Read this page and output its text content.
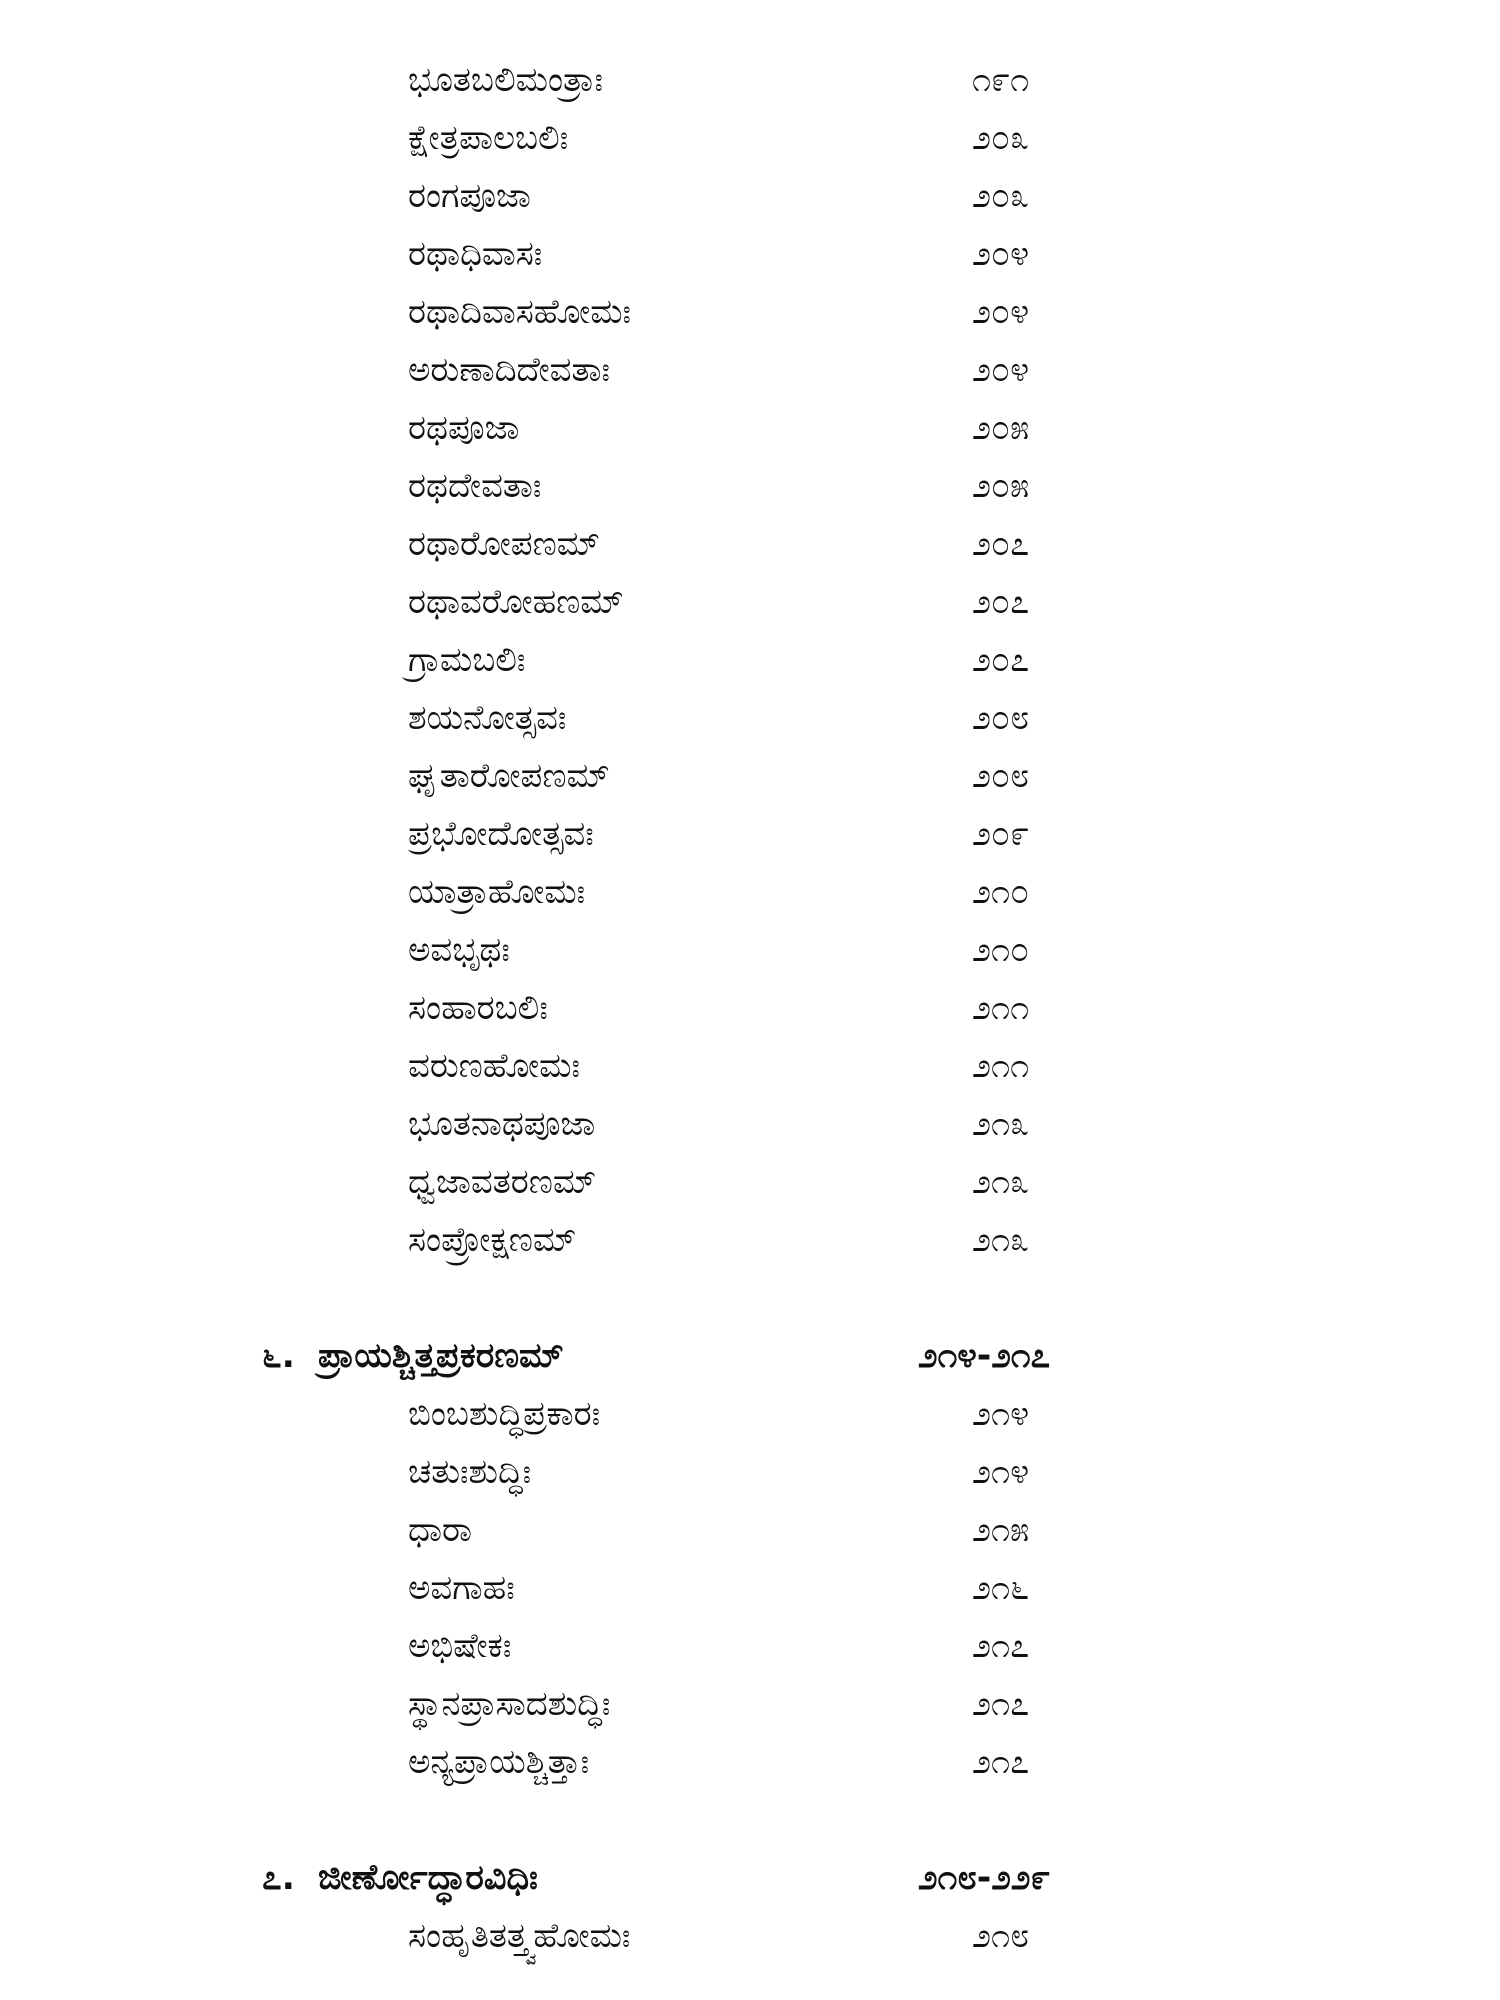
ಭೂತಬಲಿಮಂತ್ರಾಃ	೧೯೧
ಕ್ಷೇತ್ರಪಾಲಬಲಿಃ	೨೦೩
ರಂಗಪೂಜಾ	೨೦೩
ರಥಾಧಿವಾಸಃ	೨೦೪
ರಥಾದಿವಾಸಹೋಮಃ	೨೦೪
ಅರುಣಾದಿದೇವತಾಃ	೨೦೪
ರಥಪೂಜಾ	೨೦೫
ರಥದೇವತಾಃ	೨೦೫
ರಥಾರೋಪಣಮ್	೨೦೭
ರಥಾವರೋಹಣಮ್	೨೦೭
ಗ್ರಾಮಬಲಿಃ	೨೦೭
ಶಯನೋತ್ಸವಃ	೨೦೮
ಘೃತಾರೋಪಣಮ್	೨೦೮
ಪ್ರಭೋದೋತ್ಸವಃ	೨೦೯
ಯಾತ್ರಾಹೋಮಃ	೨೧೦
ಅವಭೃಥಃ	೨೧೦
ಸಂಹಾರಬಲಿಃ	೨೧೧
ವರುಣಹೋಮಃ	೨೧೧
ಭೂತನಾಥಪೂಜಾ	೨೧೩
ಧ್ವಜಾವತರಣಮ್	೨೧೩
ಸಂಪ್ರೋಕ್ಷಣಮ್	೨೧೩
೬. ಪ್ರಾಯಶ್ಚಿತ್ತಪ್ರಕರಣಮ್	೨೧೪-೨೧೭
ಬಿಂಬಶುದ್ಧಿಪ್ರಕಾರಃ	೨೧೪
ಚತುಃಶುದ್ಧಿಃ	೨೧೪
ಧಾರಾ	೨೧೫
ಅವಗಾಹಃ	೨೧೬
ಅಭಿಷೇಕಃ	೨೧೭
ಸ್ಥಾನಪ್ರಾಸಾದಶುದ್ಧಿಃ	೨೧೭
ಅನ್ಯಪ್ರಾಯಶ್ಚಿತ್ತಾಃ	೨೧೭
೭. ಜೀರ್ಣೋದ್ಧಾರವಿಧಿಃ	೨೧೮-೨೨೯
ಸಂಹೃತಿತತ್ತ್ವಹೋಮಃ	೨೧೮
